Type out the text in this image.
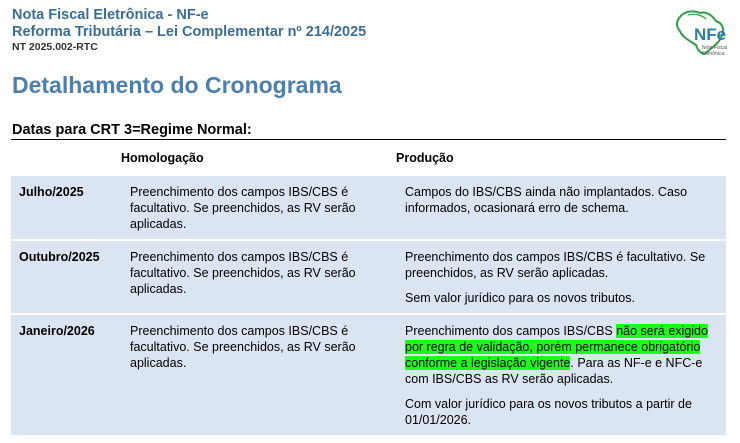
Nota Fiscal Eletrônica - NF-e
Reforma Tributária – Lei Complementar nº 214/2025
NT 2025.002-RTC
NFe
Nota Fiscal
Eletrônica
Detalhamento do Cronograma
Datas para CRT 3=Regime Normal:
	Homologação	Produção
Julho/2025	Preenchimento dos campos IBS/CBS é facultativo. Se preenchidos, as RV serão aplicadas.	Campos do IBS/CBS ainda não implantados. Caso informados, ocasionará erro de schema.

Outubro/2025	Preenchimento dos campos IBS/CBS é facultativo. Se preenchidos, as RV serão aplicadas.	Preenchimento dos campos IBS/CBS é facultativo. Se preenchidos, as RV serão aplicadas.

Sem valor jurídico para os novos tributos.

Janeiro/2026	Preenchimento dos campos IBS/CBS é facultativo. Se preenchidos, as RV serão aplicadas.	Preenchimento dos campos IBS/CBS não será exigido por regra de validação, porém permanece obrigatório conforme a legislação vigente. Para as NF-e e NFC-e com IBS/CBS as RV serão aplicadas.

Com valor jurídico para os novos tributos a partir de 01/01/2026.
